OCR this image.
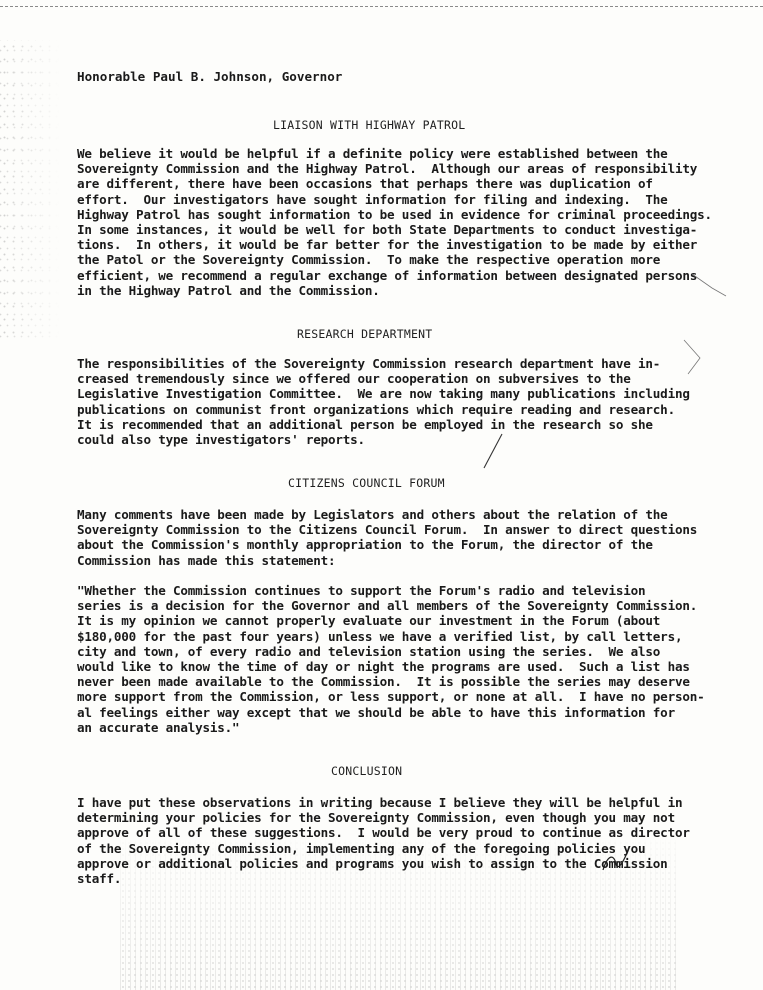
Honorable Paul B. Johnson, Governor
LIAISON WITH HIGHWAY PATROL
We believe it would be helpful if a definite policy were established between the
Sovereignty Commission and the Highway Patrol.  Although our areas of responsibility
are different, there have been occasions that perhaps there was duplication of
effort.  Our investigators have sought information for filing and indexing.  The
Highway Patrol has sought information to be used in evidence for criminal proceedings.
In some instances, it would be well for both State Departments to conduct investiga-
tions.  In others, it would be far better for the investigation to be made by either
the Patol or the Sovereignty Commission.  To make the respective operation more
efficient, we recommend a regular exchange of information between designated persons
in the Highway Patrol and the Commission.
RESEARCH DEPARTMENT
The responsibilities of the Sovereignty Commission research department have in-
creased tremendously since we offered our cooperation on subversives to the
Legislative Investigation Committee.  We are now taking many publications including
publications on communist front organizations which require reading and research.
It is recommended that an additional person be employed in the research so she
could also type investigators' reports.
CITIZENS COUNCIL FORUM
Many comments have been made by Legislators and others about the relation of the
Sovereignty Commission to the Citizens Council Forum.  In answer to direct questions
about the Commission's monthly appropriation to the Forum, the director of the
Commission has made this statement:
"Whether the Commission continues to support the Forum's radio and television
series is a decision for the Governor and all members of the Sovereignty Commission.
It is my opinion we cannot properly evaluate our investment in the Forum (about
$180,000 for the past four years) unless we have a verified list, by call letters,
city and town, of every radio and television station using the series.  We also
would like to know the time of day or night the programs are used.  Such a list has
never been made available to the Commission.  It is possible the series may deserve
more support from the Commission, or less support, or none at all.  I have no person-
al feelings either way except that we should be able to have this information for
an accurate analysis."
CONCLUSION
I have put these observations in writing because I believe they will be helpful in
determining your policies for the Sovereignty Commission, even though you may not
approve of all of these suggestions.  I would be very proud to continue as director
of the Sovereignty Commission, implementing any of the foregoing policies you
approve or additional policies and programs you wish to assign to the Commission
staff.
